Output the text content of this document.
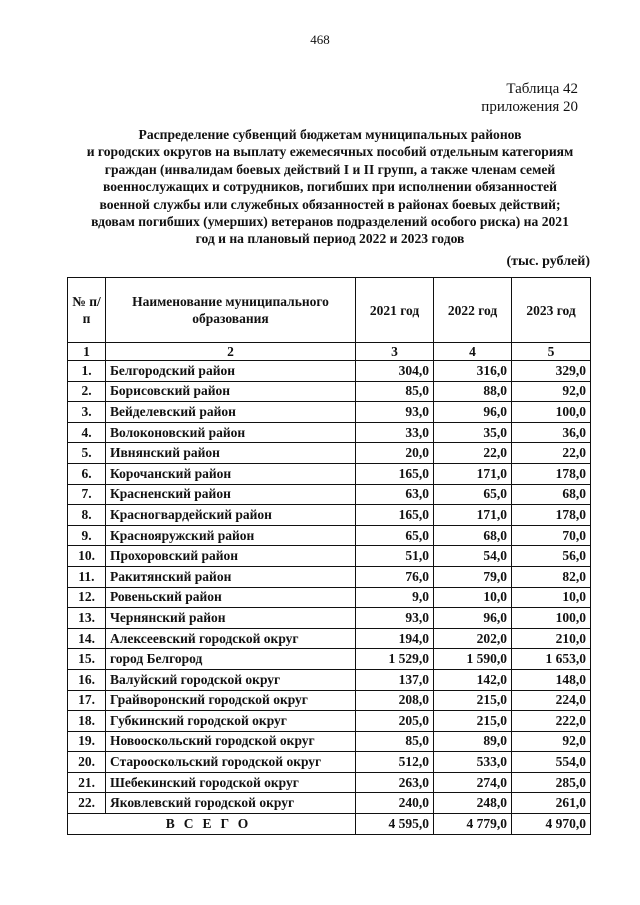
468
Таблица 42
приложения 20
Распределение субвенций бюджетам муниципальных районов
и городских округов на выплату ежемесячных пособий отдельным категориям
граждан (инвалидам боевых действий I и II групп, а также членам семей
военнослужащих и сотрудников, погибших при исполнении обязанностей
военной службы или служебных обязанностей в районах боевых действий;
вдовам погибших (умерших) ветеранов подразделений особого риска) на 2021
год и на плановый период 2022 и 2023 годов
(тыс. рублей)
№ п/п	Наименование муниципального образования	2021 год	2022 год	2023 год
1	2	3	4	5
1.	Белгородский район	304,0	316,0	329,0
2.	Борисовский район	85,0	88,0	92,0
3.	Вейделевский район	93,0	96,0	100,0
4.	Волоконовский район	33,0	35,0	36,0
5.	Ивнянский район	20,0	22,0	22,0
6.	Корочанский район	165,0	171,0	178,0
7.	Красненский район	63,0	65,0	68,0
8.	Красногвардейский район	165,0	171,0	178,0
9.	Краснояружский район	65,0	68,0	70,0
10.	Прохоровский район	51,0	54,0	56,0
11.	Ракитянский район	76,0	79,0	82,0
12.	Ровеньский район	9,0	10,0	10,0
13.	Чернянский район	93,0	96,0	100,0
14.	Алексеевский городской округ	194,0	202,0	210,0
15.	город Белгород	1 529,0	1 590,0	1 653,0
16.	Валуйский городской округ	137,0	142,0	148,0
17.	Грайворонский городской округ	208,0	215,0	224,0
18.	Губкинский городской округ	205,0	215,0	222,0
19.	Новооскольский городской округ	85,0	89,0	92,0
20.	Старооскольский городской округ	512,0	533,0	554,0
21.	Шебекинский городской округ	263,0	274,0	285,0
22.	Яковлевский городской округ	240,0	248,0	261,0
ВСЕГО		4 595,0	4 779,0	4 970,0
